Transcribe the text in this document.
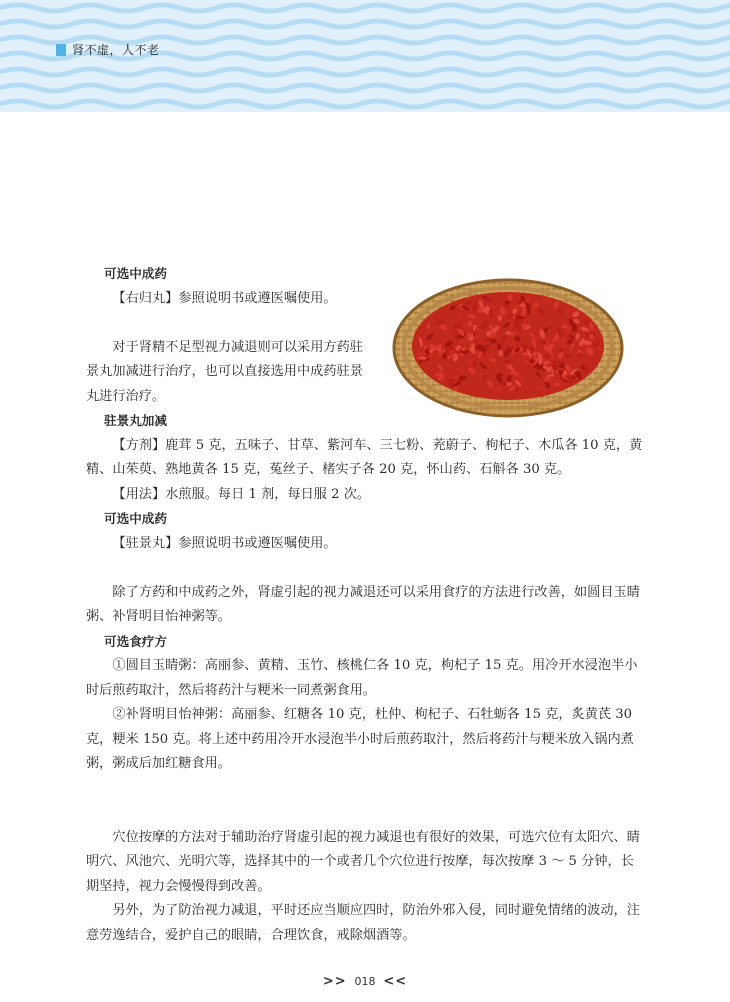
肾不虚，人不老

可选中成药

【右归丸】参照说明书或遵医嘱使用。

对于肾精不足型视力减退则可以采用方药驻景丸加减进行治疗，也可以直接选用中成药驻景丸进行治疗。

驻景丸加减

【方剂】鹿茸 5 克，五味子、甘草、紫河车、三七粉、茺蔚子、枸杞子、木瓜各 10 克，黄精、山茱萸、熟地黄各 15 克，菟丝子、楮实子各 20 克，怀山药、石斛各 30 克。

【用法】水煎服。每日 1 剂，每日服 2 次。

可选中成药

【驻景丸】参照说明书或遵医嘱使用。

除了方药和中成药之外，肾虚引起的视力减退还可以采用食疗的方法进行改善，如圆目玉睛粥、补肾明目怡神粥等。

可选食疗方

①圆目玉睛粥：高丽参、黄精、玉竹、核桃仁各 10 克，枸杞子 15 克。用冷开水浸泡半小时后煎药取汁，然后将药汁与粳米一同煮粥食用。

②补肾明目怡神粥：高丽参、红糖各 10 克，杜仲、枸杞子、石牡蛎各 15 克，炙黄芪 30 克，粳米 150 克。将上述中药用冷开水浸泡半小时后煎药取汁，然后将药汁与粳米放入锅内煮粥，粥成后加红糖食用。

穴位按摩的方法对于辅助治疗肾虚引起的视力减退也有很好的效果，可选穴位有太阳穴、睛明穴、风池穴、光明穴等，选择其中的一个或者几个穴位进行按摩，每次按摩 3 ～ 5 分钟，长期坚持，视力会慢慢得到改善。

另外，为了防治视力减退，平时还应当顺应四时，防治外邪入侵，同时避免情绪的波动，注意劳逸结合，爱护自己的眼睛，合理饮食，戒除烟酒等。

>> 018 <<
